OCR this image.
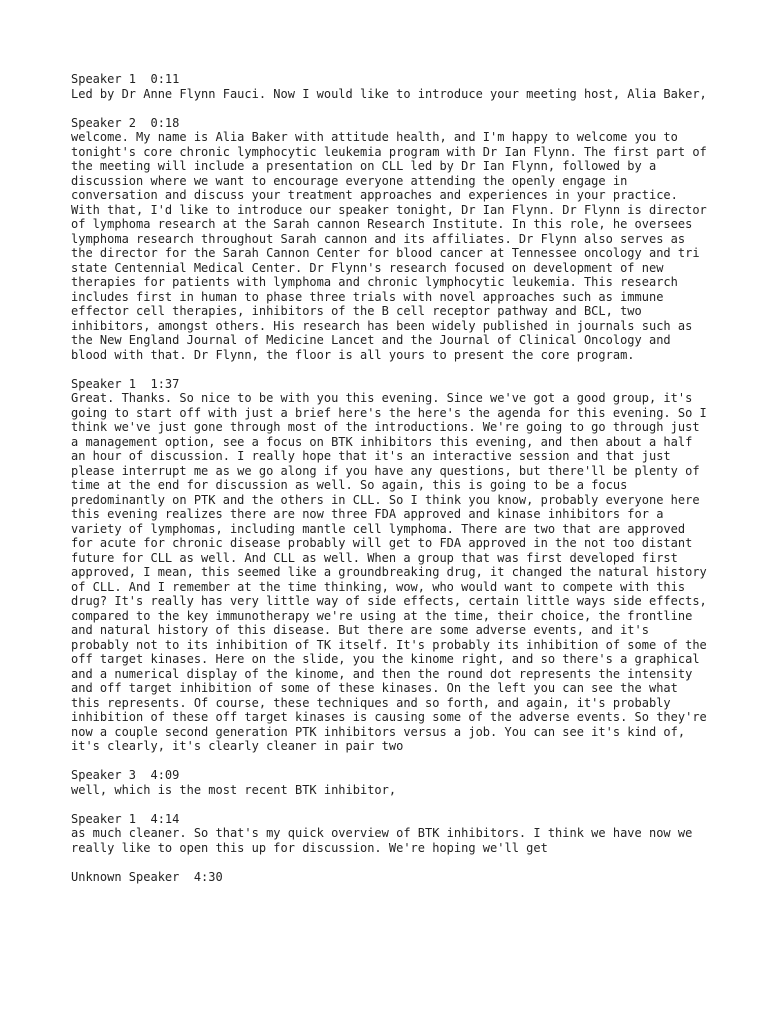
Speaker 1  0:11
Led by Dr Anne Flynn Fauci. Now I would like to introduce your meeting host, Alia Baker,
Speaker 2  0:18
welcome. My name is Alia Baker with attitude health, and I'm happy to welcome you to tonight's core chronic lymphocytic leukemia program with Dr Ian Flynn. The first part of the meeting will include a presentation on CLL led by Dr Ian Flynn, followed by a discussion where we want to encourage everyone attending the openly engage in conversation and discuss your treatment approaches and experiences in your practice. With that, I'd like to introduce our speaker tonight, Dr Ian Flynn. Dr Flynn is director of lymphoma research at the Sarah cannon Research Institute. In this role, he oversees lymphoma research throughout Sarah cannon and its affiliates. Dr Flynn also serves as the director for the Sarah Cannon Center for blood cancer at Tennessee oncology and tri state Centennial Medical Center. Dr Flynn's research focused on development of new therapies for patients with lymphoma and chronic lymphocytic leukemia. This research includes first in human to phase three trials with novel approaches such as immune effector cell therapies, inhibitors of the B cell receptor pathway and BCL, two inhibitors, amongst others. His research has been widely published in journals such as the New England Journal of Medicine Lancet and the Journal of Clinical Oncology and blood with that. Dr Flynn, the floor is all yours to present the core program.
Speaker 1  1:37
Great. Thanks. So nice to be with you this evening. Since we've got a good group, it's going to start off with just a brief here's the here's the agenda for this evening. So I think we've just gone through most of the introductions. We're going to go through just a management option, see a focus on BTK inhibitors this evening, and then about a half an hour of discussion. I really hope that it's an interactive session and that just please interrupt me as we go along if you have any questions, but there'll be plenty of time at the end for discussion as well. So again, this is going to be a focus predominantly on PTK and the others in CLL. So I think you know, probably everyone here this evening realizes there are now three FDA approved and kinase inhibitors for a variety of lymphomas, including mantle cell lymphoma. There are two that are approved for acute for chronic disease probably will get to FDA approved in the not too distant future for CLL as well. And CLL as well. When a group that was first developed first approved, I mean, this seemed like a groundbreaking drug, it changed the natural history of CLL. And I remember at the time thinking, wow, who would want to compete with this drug? It's really has very little way of side effects, certain little ways side effects, compared to the key immunotherapy we're using at the time, their choice, the frontline and natural history of this disease. But there are some adverse events, and it's probably not to its inhibition of TK itself. It's probably its inhibition of some of the off target kinases. Here on the slide, you the kinome right, and so there's a graphical and a numerical display of the kinome, and then the round dot represents the intensity and off target inhibition of some of these kinases. On the left you can see the what this represents. Of course, these techniques and so forth, and again, it's probably inhibition of these off target kinases is causing some of the adverse events. So they're now a couple second generation PTK inhibitors versus a job. You can see it's kind of, it's clearly, it's clearly cleaner in pair two
Speaker 3  4:09
well, which is the most recent BTK inhibitor,
Speaker 1  4:14
as much cleaner. So that's my quick overview of BTK inhibitors. I think we have now we really like to open this up for discussion. We're hoping we'll get
Unknown Speaker  4:30
